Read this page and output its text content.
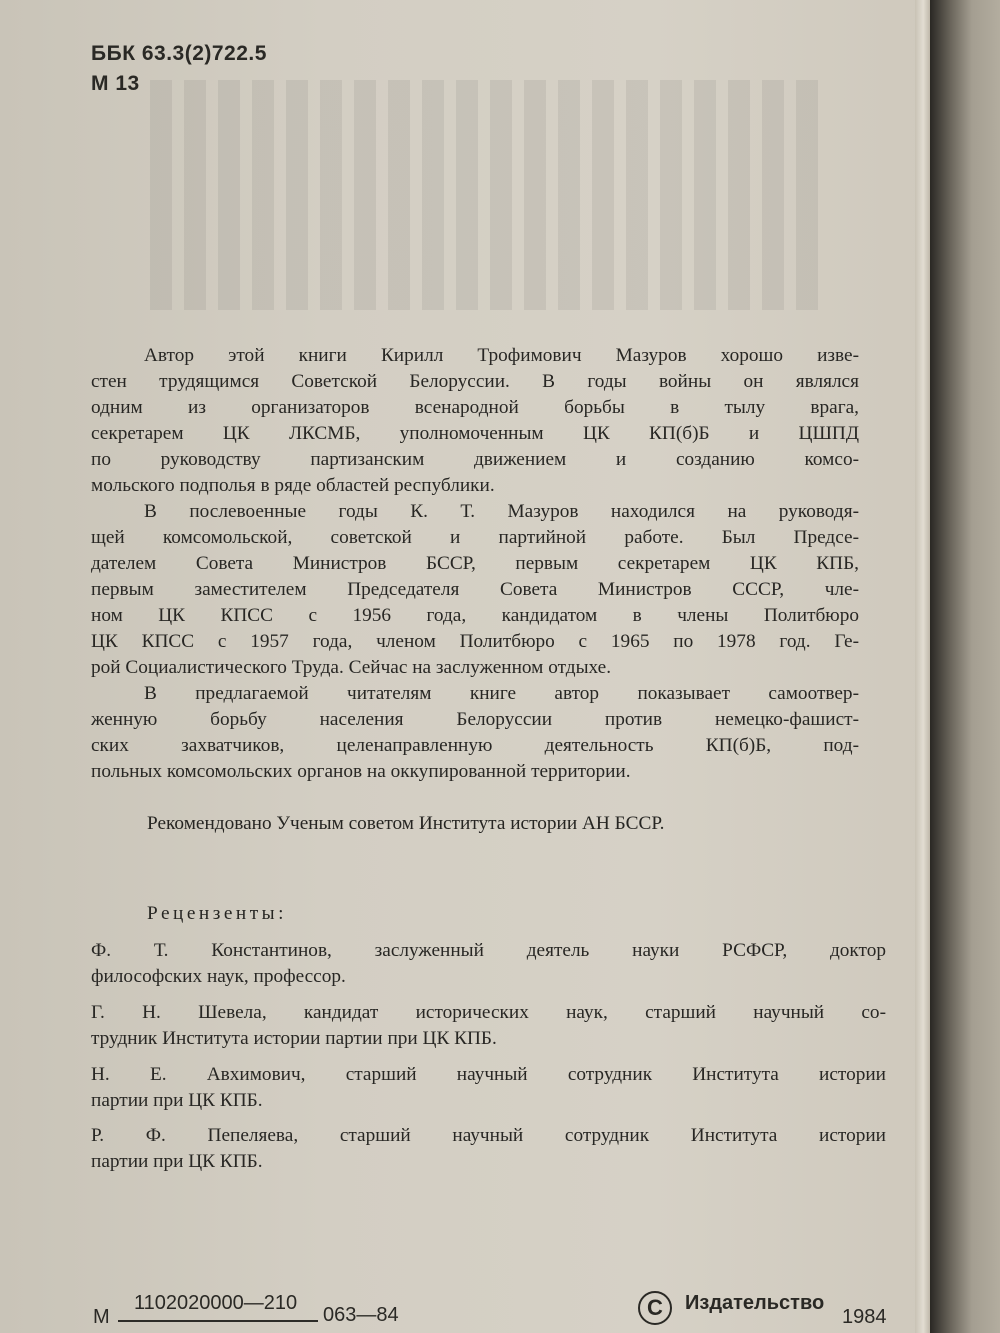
ББК 63.3(2)722.5
М 13
Автор этой книги Кирилл Трофимович Мазуров хорошо изве-
стен трудящимся Советской Белоруссии. В годы войны он являлся
одним из организаторов всенародной борьбы в тылу врага,
секретарем ЦК ЛКСМБ, уполномоченным ЦК КП(б)Б и ЦШПД
по руководству партизанским движением и созданию комсо-
мольского подполья в ряде областей республики.
В послевоенные годы К. Т. Мазуров находился на руководя-
щей комсомольской, советской и партийной работе. Был Предсе-
дателем Совета Министров БССР, первым секретарем ЦК КПБ,
первым заместителем Председателя Совета Министров СССР, чле-
ном ЦК КПСС с 1956 года, кандидатом в члены Политбюро
ЦК КПСС с 1957 года, членом Политбюро с 1965 по 1978 год. Ге-
рой Социалистического Труда. Сейчас на заслуженном отдыхе.
В предлагаемой читателям книге автор показывает самоотвер-
женную борьбу населения Белоруссии против немецко-фашист-
ских захватчиков, целенаправленную деятельность КП(б)Б, под-
польных комсомольских органов на оккупированной территории.
Рекомендовано Ученым советом Института истории АН БССР.
Рецензенты:
Ф. Т. Константинов, заслуженный деятель науки РСФСР, доктор
философских наук, профессор.
Г. Н. Шевела, кандидат исторических наук, старший научный со-
трудник Института истории партии при ЦК КПБ.
Н. Е. Авхимович, старший научный сотрудник Института истории
партии при ЦК КПБ.
Р. Ф. Пепеляева, старший научный сотрудник Института истории
партии при ЦК КПБ.
М
1102020000—210
063—84	C	Издательство
1984
